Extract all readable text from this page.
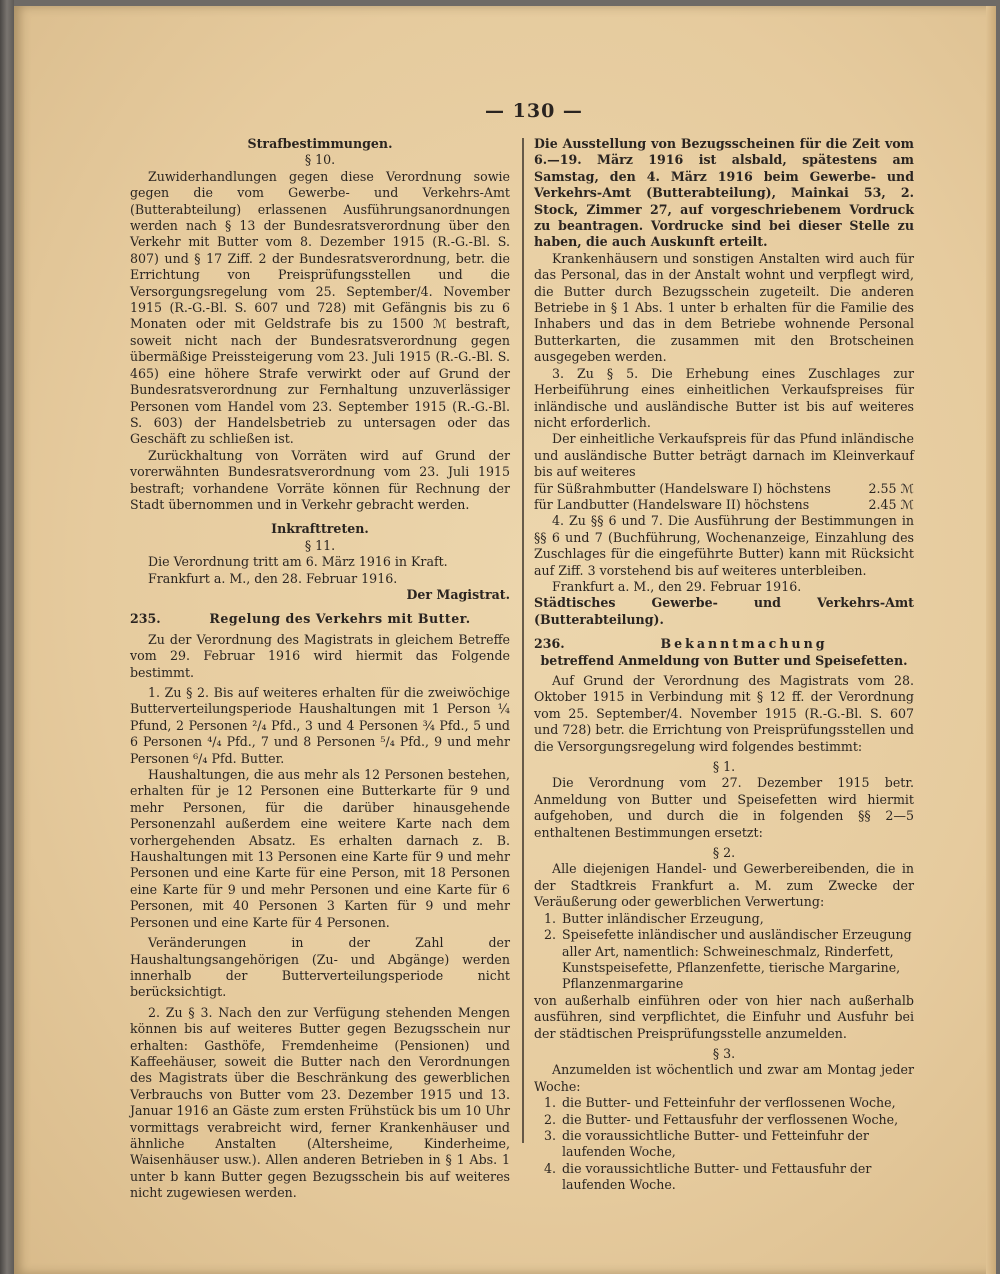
— 130 —

Strafbestimmungen.

§ 10.

Zuwiderhandlungen gegen diese Verordnung sowie gegen die vom Gewerbe- und Verkehrs-Amt (Butterabteilung) erlassenen Ausführungsanordnungen werden nach § 13 der Bundesratsverordnung über den Verkehr mit Butter vom 8. Dezember 1915 (R.-G.-Bl. S. 807) und § 17 Ziff. 2 der Bundesratsverordnung, betr. die Errichtung von Preisprüfungsstellen und die Versorgungsregelung vom 25. September/4. November 1915 (R.-G.-Bl. S. 607 und 728) mit Gefängnis bis zu 6 Monaten oder mit Geldstrafe bis zu 1500 ℳ bestraft, soweit nicht nach der Bundesratsverordnung gegen übermäßige Preissteigerung vom 23. Juli 1915 (R.-G.-Bl. S. 465) eine höhere Strafe verwirkt oder auf Grund der Bundesratsverordnung zur Fernhaltung unzuverlässiger Personen vom Handel vom 23. September 1915 (R.-G.-Bl. S. 603) der Handelsbetrieb zu untersagen oder das Geschäft zu schließen ist.

Zurückhaltung von Vorräten wird auf Grund der vorerwähnten Bundesratsverordnung vom 23. Juli 1915 bestraft; vorhandene Vorräte können für Rechnung der Stadt übernommen und in Verkehr gebracht werden.

Inkrafttreten.

§ 11.

Die Verordnung tritt am 6. März 1916 in Kraft.

Frankfurt a. M., den 28. Februar 1916.

Der Magistrat.

235.	Regelung des Verkehrs mit Butter.

Zu der Verordnung des Magistrats in gleichem Betreffe vom 29. Februar 1916 wird hiermit das Folgende bestimmt.

1. Zu § 2. Bis auf weiteres erhalten für die zweiwöchige Butterverteilungsperiode Haushaltungen mit 1 Person ¼ Pfund, 2 Personen ²/₄ Pfd., 3 und 4 Personen ¾ Pfd., 5 und 6 Personen ⁴/₄ Pfd., 7 und 8 Personen ⁵/₄ Pfd., 9 und mehr Personen ⁶/₄ Pfd. Butter.

Haushaltungen, die aus mehr als 12 Personen bestehen, erhalten für je 12 Personen eine Butterkarte für 9 und mehr Personen, für die darüber hinausgehende Personenzahl außerdem eine weitere Karte nach dem vorhergehenden Absatz. Es erhalten darnach z. B. Haushaltungen mit 13 Personen eine Karte für 9 und mehr Personen und eine Karte für eine Person, mit 18 Personen eine Karte für 9 und mehr Personen und eine Karte für 6 Personen, mit 40 Personen 3 Karten für 9 und mehr Personen und eine Karte für 4 Personen.

Veränderungen in der Zahl der Haushaltungsangehörigen (Zu- und Abgänge) werden innerhalb der Butterverteilungsperiode nicht berücksichtigt.

2. Zu § 3. Nach den zur Verfügung stehenden Mengen können bis auf weiteres Butter gegen Bezugsschein nur erhalten: Gasthöfe, Fremdenheime (Pensionen) und Kaffeehäuser, soweit die Butter nach den Verordnungen des Magistrats über die Beschränkung des gewerblichen Verbrauchs von Butter vom 23. Dezember 1915 und 13. Januar 1916 an Gäste zum ersten Frühstück bis um 10 Uhr vormittags verabreicht wird, ferner Krankenhäuser und ähnliche Anstalten (Altersheime, Kinderheime, Waisenhäuser usw.). Allen anderen Betrieben in § 1 Abs. 1 unter b kann Butter gegen Bezugsschein bis auf weiteres nicht zugewiesen werden.

Die Ausstellung von Bezugsscheinen für die Zeit vom 6.—19. März 1916 ist alsbald, spätestens am Samstag, den 4. März 1916 beim Gewerbe- und Verkehrs-Amt (Butterabteilung), Mainkai 53, 2. Stock, Zimmer 27, auf vorgeschriebenem Vordruck zu beantragen. Vordrucke sind bei dieser Stelle zu haben, die auch Auskunft erteilt.

Krankenhäusern und sonstigen Anstalten wird auch für das Personal, das in der Anstalt wohnt und verpflegt wird, die Butter durch Bezugsschein zugeteilt. Die anderen Betriebe in § 1 Abs. 1 unter b erhalten für die Familie des Inhabers und das in dem Betriebe wohnende Personal Butterkarten, die zusammen mit den Brotscheinen ausgegeben werden.

3. Zu § 5. Die Erhebung eines Zuschlages zur Herbeiführung eines einheitlichen Verkaufspreises für inländische und ausländische Butter ist bis auf weiteres nicht erforderlich.

Der einheitliche Verkaufspreis für das Pfund inländische und ausländische Butter beträgt darnach im Kleinverkauf bis auf weiteres

für Süßrahmbutter (Handelsware I) höchstens	2.55 ℳ
für Landbutter (Handelsware II) höchstens	2.45 ℳ

4. Zu §§ 6 und 7. Die Ausführung der Bestimmungen in §§ 6 und 7 (Buchführung, Wochenanzeige, Einzahlung des Zuschlages für die eingeführte Butter) kann mit Rücksicht auf Ziff. 3 vorstehend bis auf weiteres unterbleiben.

Frankfurt a. M., den 29. Februar 1916.

Städtisches Gewerbe- und Verkehrs-Amt (Butterabteilung).

236.	Bekanntmachung

betreffend Anmeldung von Butter und Speisefetten.

Auf Grund der Verordnung des Magistrats vom 28. Oktober 1915 in Verbindung mit § 12 ff. der Verordnung vom 25. September/4. November 1915 (R.-G.-Bl. S. 607 und 728) betr. die Errichtung von Preisprüfungsstellen und die Versorgungsregelung wird folgendes bestimmt:

§ 1.

Die Verordnung vom 27. Dezember 1915 betr. Anmeldung von Butter und Speisefetten wird hiermit aufgehoben, und durch die in folgenden §§ 2—5 enthaltenen Bestimmungen ersetzt:

§ 2.

Alle diejenigen Handel- und Gewerbereibenden, die in der Stadtkreis Frankfurt a. M. zum Zwecke der Veräußerung oder gewerblichen Verwertung:

1. Butter inländischer Erzeugung,
2. Speisefette inländischer und ausländischer Erzeugung aller Art, namentlich: Schweineschmalz, Rinderfett, Kunstspeisefette, Pflanzenfette, tierische Margarine, Pflanzenmargarine

von außerhalb einführen oder von hier nach außerhalb ausführen, sind verpflichtet, die Einfuhr und Ausfuhr bei der städtischen Preisprüfungsstelle anzumelden.

§ 3.

Anzumelden ist wöchentlich und zwar am Montag jeder Woche:

1. die Butter- und Fetteinfuhr der verflossenen Woche,
2. die Butter- und Fettausfuhr der verflossenen Woche,
3. die voraussichtliche Butter- und Fetteinfuhr der laufenden Woche,
4. die voraussichtliche Butter- und Fettausfuhr der laufenden Woche.
